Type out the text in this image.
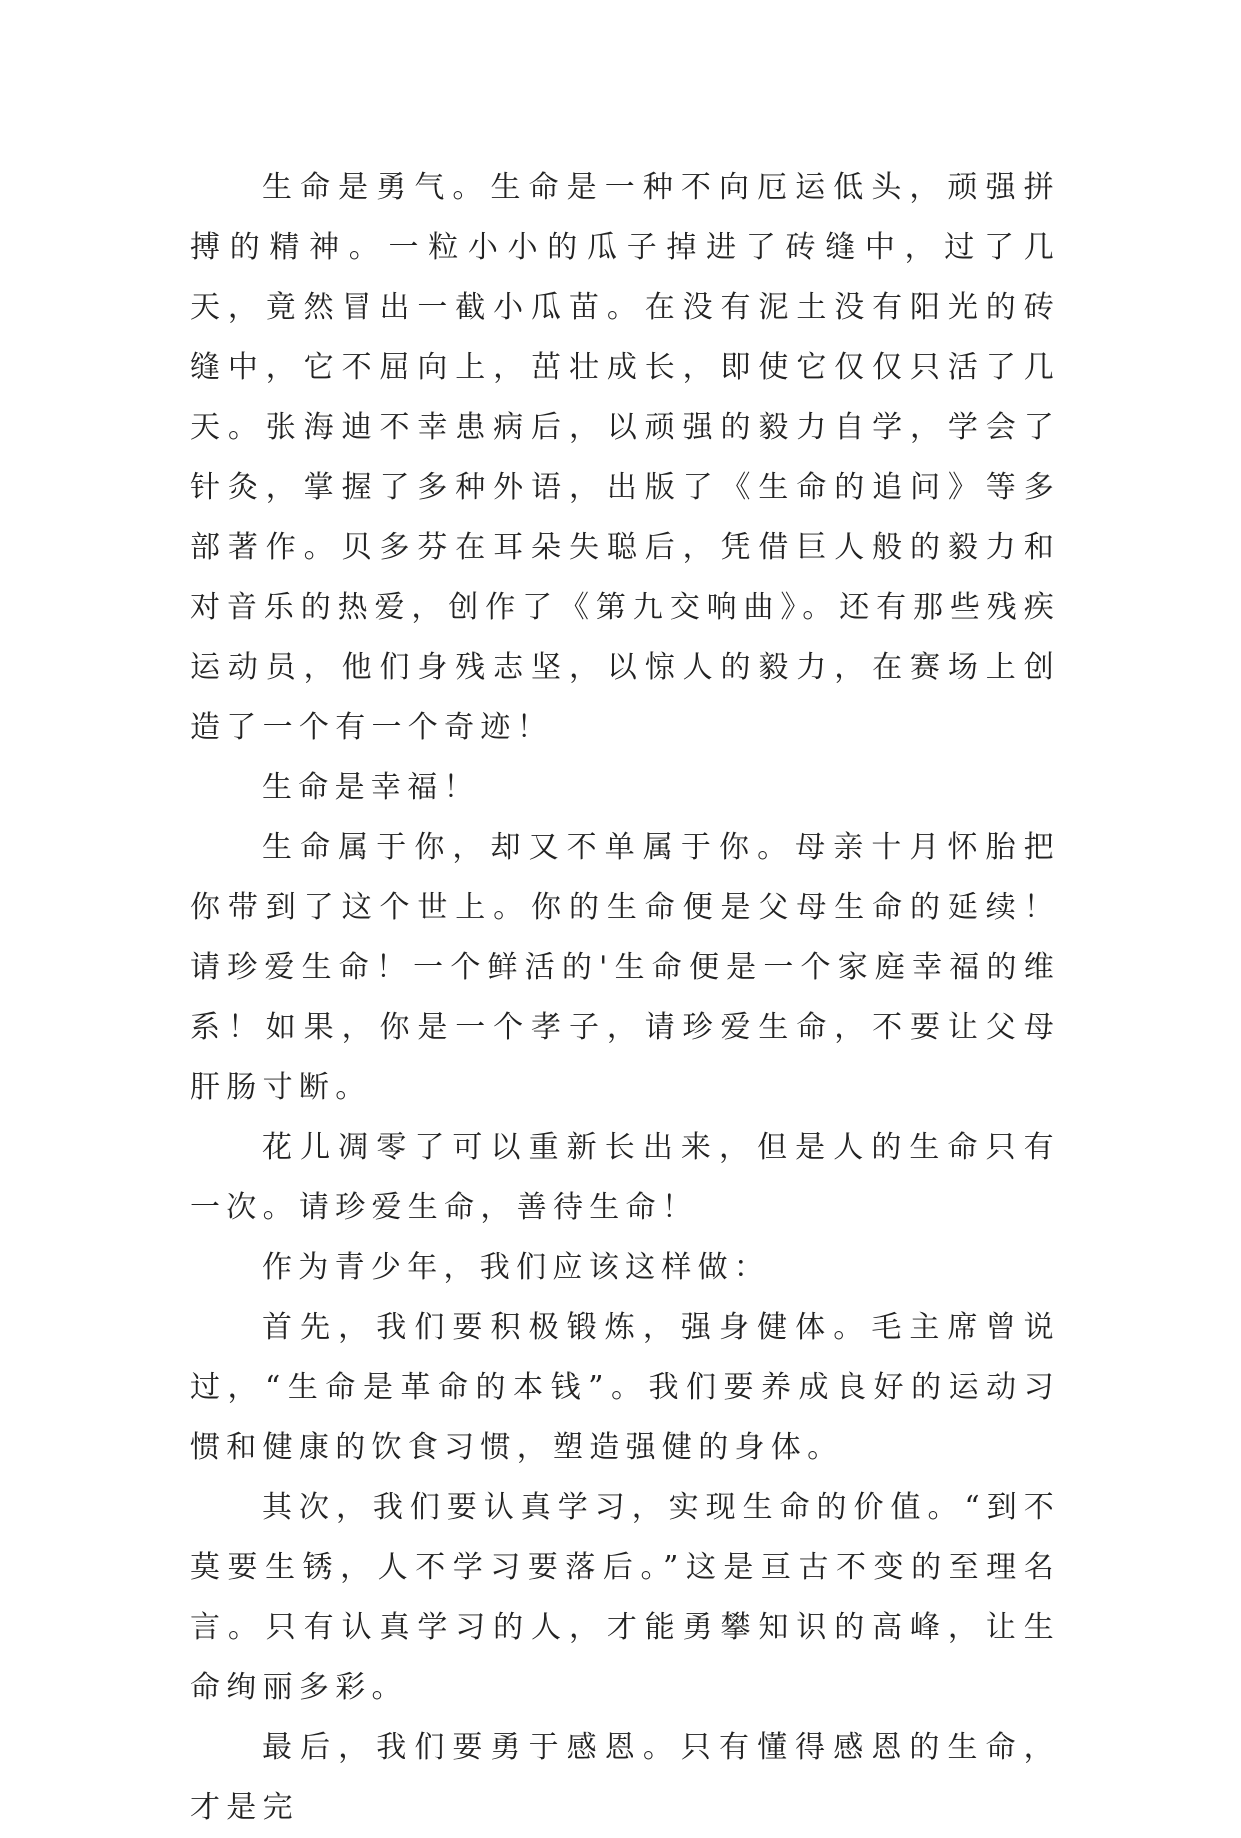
生命是勇气。生命是一种不向厄运低头，顽强拼搏的精神。一粒小小的瓜子掉进了砖缝中，过了几天，竟然冒出一截小瓜苗。在没有泥土没有阳光的砖缝中，它不屈向上，茁壮成长，即使它仅仅只活了几天。张海迪不幸患病后，以顽强的毅力自学，学会了针灸，掌握了多种外语，出版了《生命的追问》等多部著作。贝多芬在耳朵失聪后，凭借巨人般的毅力和对音乐的热爱，创作了《第九交响曲》。还有那些残疾运动员，他们身残志坚，以惊人的毅力，在赛场上创造了一个有一个奇迹！

生命是幸福！

生命属于你，却又不单属于你。母亲十月怀胎把你带到了这个世上。你的生命便是父母生命的延续！请珍爱生命！一个鲜活的'生命便是一个家庭幸福的维系！如果，你是一个孝子，请珍爱生命，不要让父母肝肠寸断。

花儿凋零了可以重新长出来，但是人的生命只有一次。请珍爱生命，善待生命！

作为青少年，我们应该这样做：

首先，我们要积极锻炼，强身健体。毛主席曾说过，“生命是革命的本钱”。我们要养成良好的运动习惯和健康的饮食习惯，塑造强健的身体。

其次，我们要认真学习，实现生命的价值。“到不莫要生锈，人不学习要落后。”这是亘古不变的至理名言。只有认真学习的人，才能勇攀知识的高峰，让生命绚丽多彩。

最后，我们要勇于感恩。只有懂得感恩的生命，才是完
